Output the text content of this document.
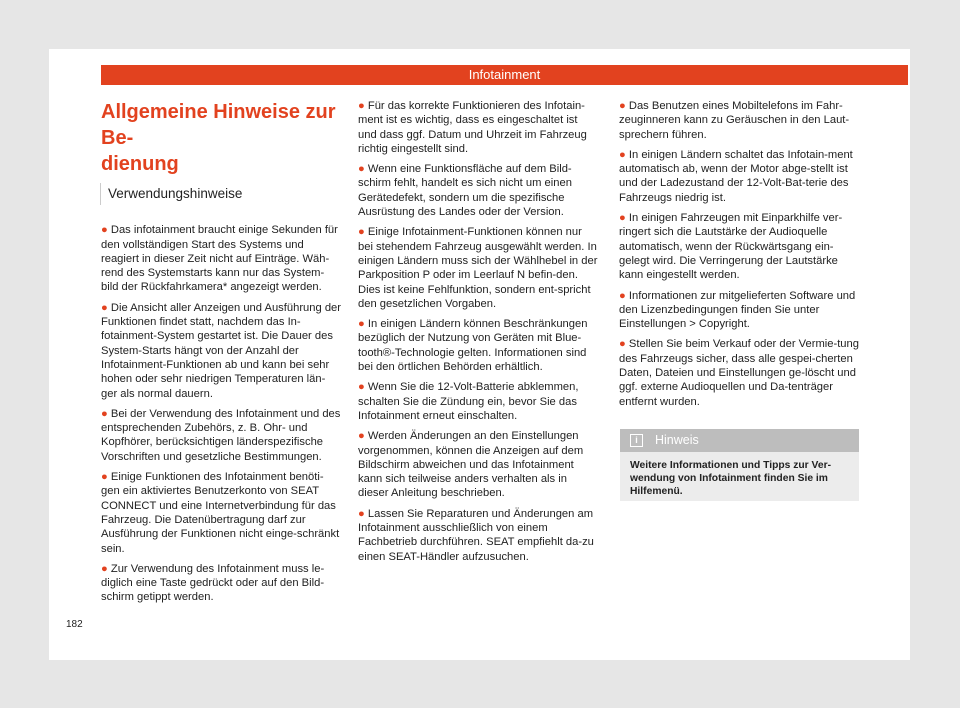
Infotainment
Allgemeine Hinweise zur Be-
dienung
Verwendungshinweise
● Das infotainment braucht einige Sekunden für den vollständigen Start des Systems und reagiert in dieser Zeit nicht auf Einträge. Wäh-rend des Systemstarts kann nur das System-bild der Rückfahrkamera* angezeigt werden.
● Die Ansicht aller Anzeigen und Ausführung der Funktionen findet statt, nachdem das In-fotainment-System gestartet ist. Die Dauer des System-Starts hängt von der Anzahl der Infotainment-Funktionen ab und kann bei sehr hohen oder sehr niedrigen Temperaturen län-ger als normal dauern.
● Bei der Verwendung des Infotainment und des entsprechenden Zubehörs, z. B. Ohr- und Kopfhörer, berücksichtigen länderspezifische Vorschriften und gesetzliche Bestimmungen.
● Einige Funktionen des Infotainment benöti-gen ein aktiviertes Benutzerkonto von SEAT CONNECT und eine Internetverbindung für das Fahrzeug. Die Datenübertragung darf zur Ausführung der Funktionen nicht einge-schränkt sein.
● Zur Verwendung des Infotainment muss le-diglich eine Taste gedrückt oder auf den Bild-schirm getippt werden.
● Für das korrekte Funktionieren des Infotain-ment ist es wichtig, dass es eingeschaltet ist und dass ggf. Datum und Uhrzeit im Fahrzeug richtig eingestellt sind.
● Wenn eine Funktionsfläche auf dem Bild-schirm fehlt, handelt es sich nicht um einen Gerätedefekt, sondern um die spezifische Ausrüstung des Landes oder der Version.
● Einige Infotainment-Funktionen können nur bei stehendem Fahrzeug ausgewählt werden. In einigen Ländern muss sich der Wählhebel in der Parkposition P oder im Leerlauf N befin-den. Dies ist keine Fehlfunktion, sondern ent-spricht den gesetzlichen Vorgaben.
● In einigen Ländern können Beschränkungen bezüglich der Nutzung von Geräten mit Blue-tooth®-Technologie gelten. Informationen sind bei den örtlichen Behörden erhältlich.
● Wenn Sie die 12-Volt-Batterie abklemmen, schalten Sie die Zündung ein, bevor Sie das Infotainment erneut einschalten.
● Werden Änderungen an den Einstellungen vorgenommen, können die Anzeigen auf dem Bildschirm abweichen und das Infotainment kann sich teilweise anders verhalten als in dieser Anleitung beschrieben.
● Lassen Sie Reparaturen und Änderungen am Infotainment ausschließlich von einem Fachbetrieb durchführen. SEAT empfiehlt da-zu einen SEAT-Händler aufzusuchen.
● Das Benutzen eines Mobiltelefons im Fahr-zeuginneren kann zu Geräuschen in den Laut-sprechern führen.
● In einigen Ländern schaltet das Infotain-ment automatisch ab, wenn der Motor abge-stellt ist und der Ladezustand der 12-Volt-Bat-terie des Fahrzeugs niedrig ist.
● In einigen Fahrzeugen mit Einparkhilfe ver-ringert sich die Lautstärke der Audioquelle automatisch, wenn der Rückwärtsgang ein-gelegt wird. Die Verringerung der Lautstärke kann eingestellt werden.
● Informationen zur mitgelieferten Software und den Lizenzbedingungen finden Sie unter Einstellungen > Copyright.
● Stellen Sie beim Verkauf oder der Vermie-tung des Fahrzeugs sicher, dass alle gespei-cherten Daten, Dateien und Einstellungen ge-löscht und ggf. externe Audioquellen und Da-tenträger entfernt wurden.
i	Hinweis
Weitere Informationen und Tipps zur Ver-wendung von Infotainment finden Sie im Hilfemenü.
182
